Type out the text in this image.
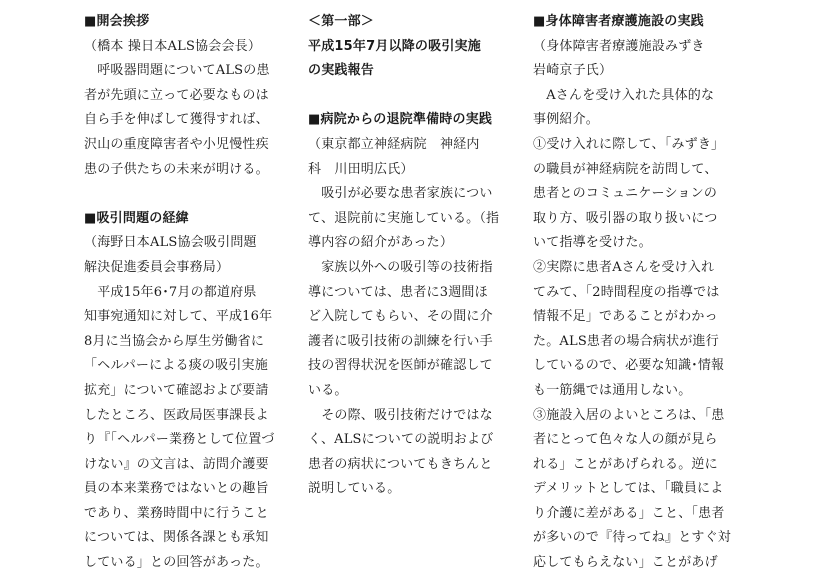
■開会挨拶
（橋本 操日本ALS協会会長）
　呼吸器問題についてALSの患
者が先頭に立って必要なものは
自ら手を伸ばして獲得すれば、
沢山の重度障害者や小児慢性疾
患の子供たちの未来が明ける。
■吸引問題の経緯
（海野日本ALS協会吸引問題
解決促進委員会事務局）
　平成15年6･7月の都道府県
知事宛通知に対して、平成16年
8月に当協会から厚生労働省に
「ヘルパーによる痰の吸引実施
拡充」について確認および要請
したところ、医政局医事課長よ
り『「ヘルパー業務として位置づ
けない』の文言は、訪問介護要
員の本来業務ではないとの趣旨
であり、業務時間中に行うこと
については、関係各課とも承知
している」との回答があった。
＜第一部＞
平成15年7月以降の吸引実施
の実践報告
■病院からの退院準備時の実践
（東京都立神経病院　神経内
科　川田明広氏）
　吸引が必要な患者家族につい
て、退院前に実施している。（指
導内容の紹介があった）
　家族以外への吸引等の技術指
導については、患者に3週間ほ
ど入院してもらい、その間に介
護者に吸引技術の訓練を行い手
技の習得状況を医師が確認して
いる。
　その際、吸引技術だけではな
く、ALSについての説明および
患者の病状についてもきちんと
説明している。
■身体障害者療護施設の実践
（身体障害者療護施設みずき
岩崎京子氏）
　Aさんを受け入れた具体的な
事例紹介。
①受け入れに際して、「みずき」
の職員が神経病院を訪問して、
患者とのコミュニケーションの
取り方、吸引器の取り扱いにつ
いて指導を受けた。
②実際に患者Aさんを受け入れ
てみて、「2時間程度の指導では
情報不足」であることがわかっ
た。ALS患者の場合病状が進行
しているので、必要な知識･情報
も一筋縄では通用しない。
③施設入居のよいところは、「患
者にとって色々な人の顔が見ら
れる」ことがあげられる。逆に
デメリットとしては、「職員によ
り介護に差がある」こと、「患者
が多いので『待ってね』とすぐ対
応してもらえない」ことがあげ
